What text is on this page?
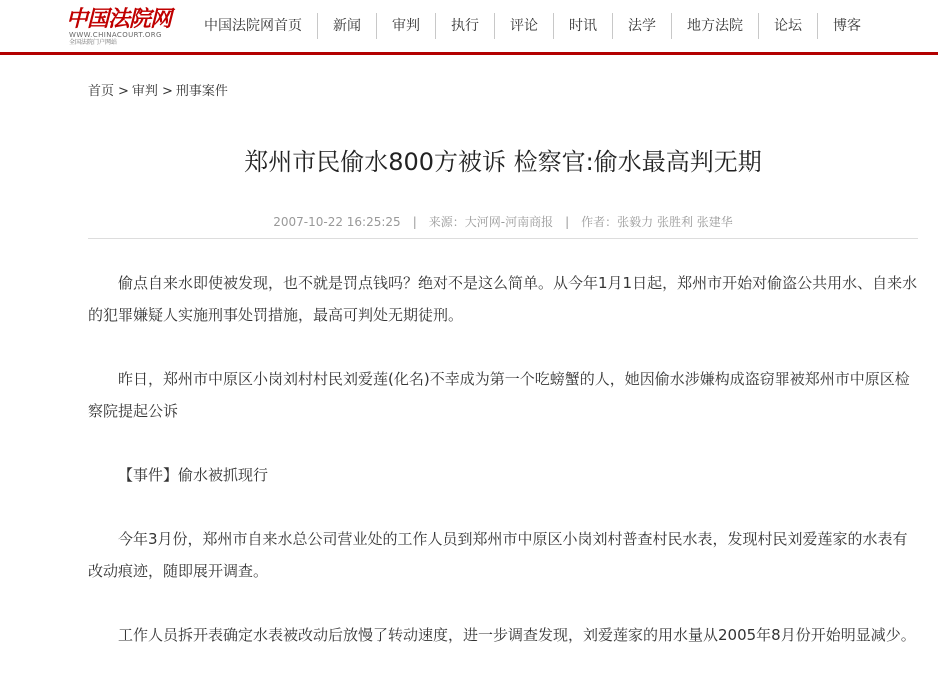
中国法院网
WWW.CHINACOURT.ORG
全国法院门户网站
中国法院网首页	新闻	审判	执行	评论	时讯	法学	地方法院	论坛	博客
首页 > 审判 > 刑事案件
郑州市民偷水800方被诉 检察官:偷水最高判无期
2007-10-22 16:25:25 | 来源：大河网-河南商报 | 作者：张毅力 张胜利 张建华

偷点自来水即使被发现，也不就是罚点钱吗？绝对不是这么简单。从今年1月1日起，郑州市开始对偷盗公共用水、自来水的犯罪嫌疑人实施刑事处罚措施，最高可判处无期徒刑。

昨日，郑州市中原区小岗刘村村民刘爱莲(化名)不幸成为第一个吃螃蟹的人，她因偷水涉嫌构成盗窃罪被郑州市中原区检察院提起公诉

【事件】偷水被抓现行

今年3月份，郑州市自来水总公司营业处的工作人员到郑州市中原区小岗刘村普查村民水表，发现村民刘爱莲家的水表有改动痕迹，随即展开调查。

工作人员拆开表确定水表被改动后放慢了转动速度，进一步调查发现，刘爱莲家的用水量从2005年8月份开始明显减少。
